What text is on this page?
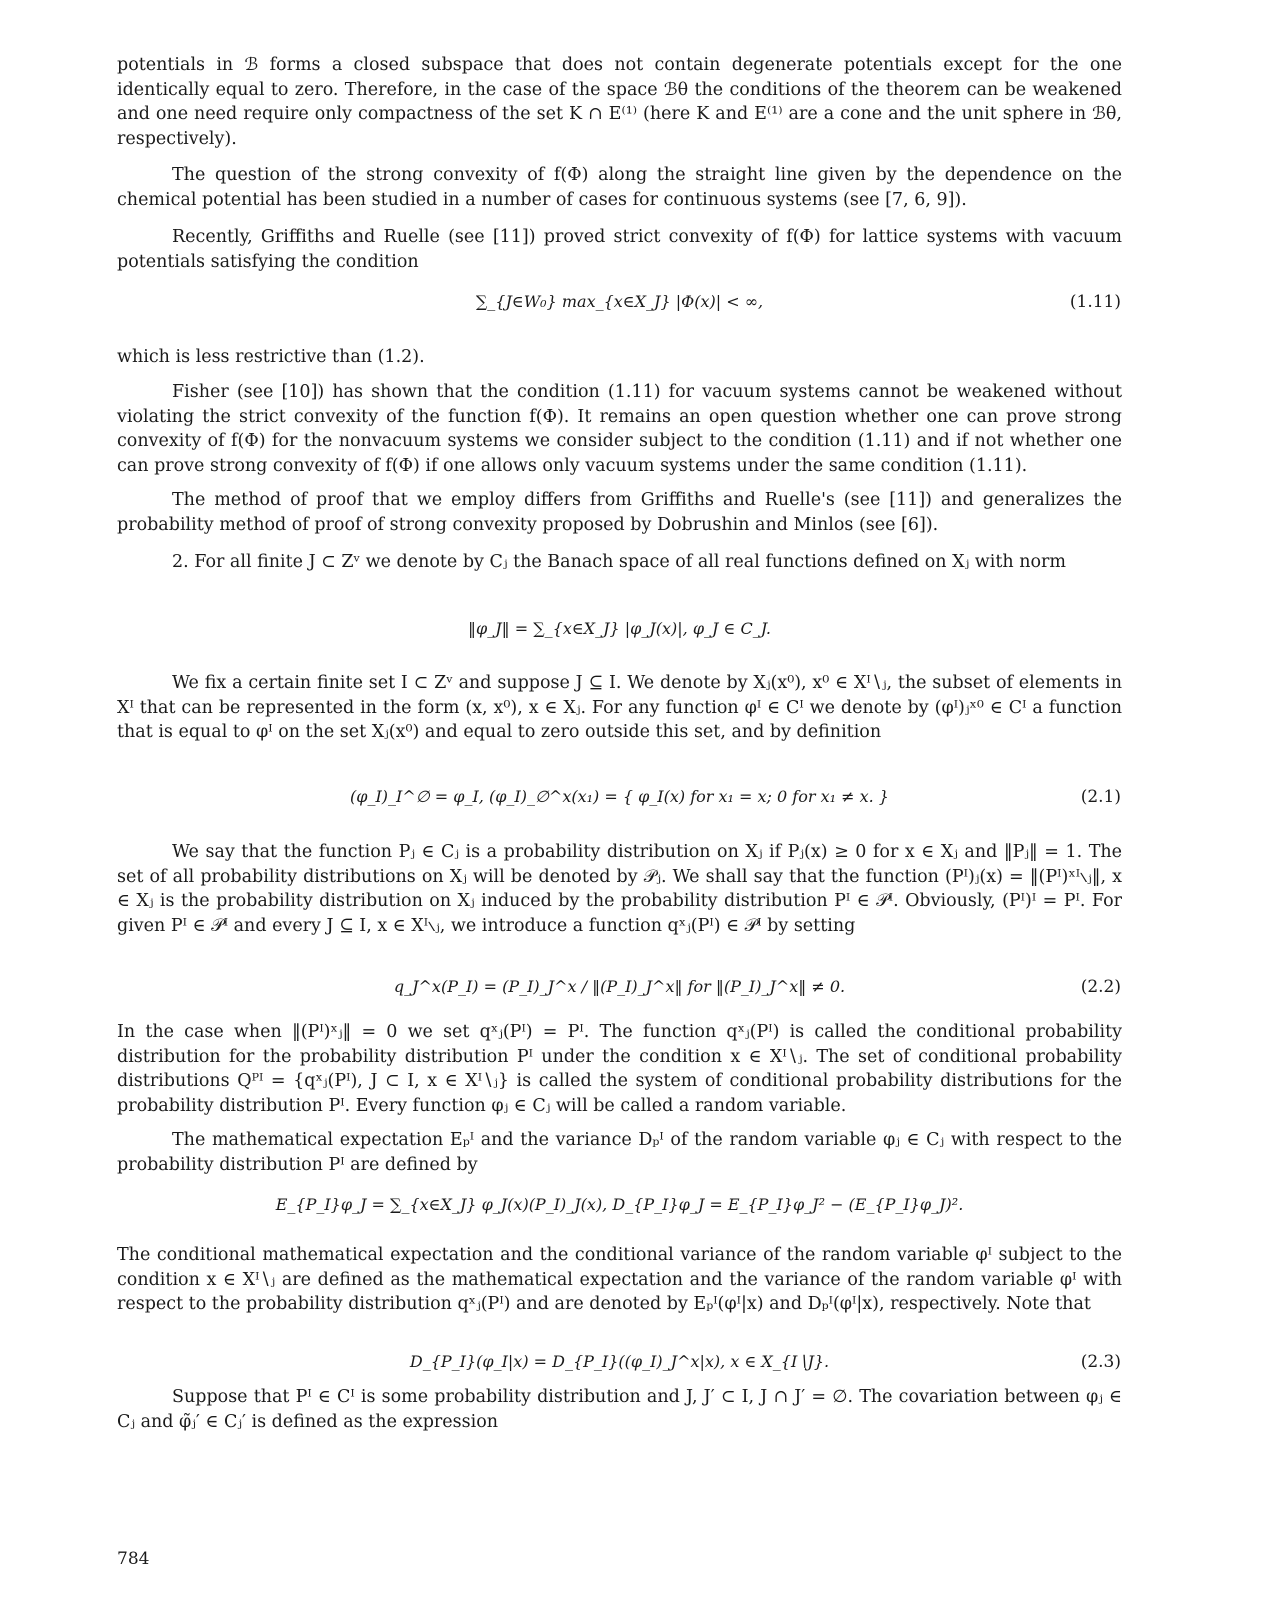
potentials in ℬ forms a closed subspace that does not contain degenerate potentials except for the one identically equal to zero. Therefore, in the case of the space ℬθ the conditions of the theorem can be weakened and one need require only compactness of the set K ∩ E⁽¹⁾ (here K and E⁽¹⁾ are a cone and the unit sphere in ℬθ, respectively).

The question of the strong convexity of f(Φ) along the straight line given by the dependence on the chemical potential has been studied in a number of cases for continuous systems (see [7, 6, 9]).

Recently, Griffiths and Ruelle (see [11]) proved strict convexity of f(Φ) for lattice systems with vacuum potentials satisfying the condition

∑_{J∈W₀} max_{x∈X_J} |Φ(x)| < ∞,	(1.11)

which is less restrictive than (1.2).

Fisher (see [10]) has shown that the condition (1.11) for vacuum systems cannot be weakened without violating the strict convexity of the function f(Φ). It remains an open question whether one can prove strong convexity of f(Φ) for the nonvacuum systems we consider subject to the condition (1.11) and if not whether one can prove strong convexity of f(Φ) if one allows only vacuum systems under the same condition (1.11).

The method of proof that we employ differs from Griffiths and Ruelle's (see [11]) and generalizes the probability method of proof of strong convexity proposed by Dobrushin and Minlos (see [6]).

2. For all finite J ⊂ Zᵛ we denote by Cⱼ the Banach space of all real functions defined on Xⱼ with norm

‖φ_J‖ = ∑_{x∈X_J} |φ_J(x)|, φ_J ∈ C_J.

We fix a certain finite set I ⊂ Zᵛ and suppose J ⊆ I. We denote by Xⱼ(x⁰), x⁰ ∈ Xᴵ∖ⱼ, the subset of elements in Xᴵ that can be represented in the form (x, x⁰), x ∈ Xⱼ. For any function φᴵ ∈ Cᴵ we denote by (φᴵ)ⱼˣ⁰ ∈ Cᴵ a function that is equal to φᴵ on the set Xⱼ(x⁰) and equal to zero outside this set, and by definition

(φ_I)_I^∅ = φ_I, (φ_I)_∅^x(x₁) = { φ_I(x) for x₁ = x; 0 for x₁ ≠ x. }	(2.1)

We say that the function Pⱼ ∈ Cⱼ is a probability distribution on Xⱼ if Pⱼ(x) ≥ 0 for x ∈ Xⱼ and ‖Pⱼ‖ = 1. The set of all probability distributions on Xⱼ will be denoted by 𝒫ⱼ. We shall say that the function (Pᴵ)ⱼ(x) = ‖(Pᴵ)ˣᴵ∖ⱼ‖, x ∈ Xⱼ is the probability distribution on Xⱼ induced by the probability distribution Pᴵ ∈ 𝒫ᴵ. Obviously, (Pᴵ)ᴵ = Pᴵ. For given Pᴵ ∈ 𝒫ᴵ and every J ⊆ I, x ∈ Xᴵ∖ⱼ, we introduce a function qˣⱼ(Pᴵ) ∈ 𝒫ᴵ by setting

q_J^x(P_I) = (P_I)_J^x / ‖(P_I)_J^x‖ for ‖(P_I)_J^x‖ ≠ 0.	(2.2)

In the case when ‖(Pᴵ)ˣⱼ‖ = 0 we set qˣⱼ(Pᴵ) = Pᴵ. The function qˣⱼ(Pᴵ) is called the conditional probability distribution for the probability distribution Pᴵ under the condition x ∈ Xᴵ∖ⱼ. The set of conditional probability distributions Qᴾᴵ = {qˣⱼ(Pᴵ), J ⊂ I, x ∈ Xᴵ∖ⱼ} is called the system of conditional probability distributions for the probability distribution Pᴵ. Every function φⱼ ∈ Cⱼ will be called a random variable.

The mathematical expectation Eₚᴵ and the variance Dₚᴵ of the random variable φⱼ ∈ Cⱼ with respect to the probability distribution Pᴵ are defined by

E_{P_I}φ_J = ∑_{x∈X_J} φ_J(x)(P_I)_J(x), D_{P_I}φ_J = E_{P_I}φ_J² − (E_{P_I}φ_J)².

The conditional mathematical expectation and the conditional variance of the random variable φᴵ subject to the condition x ∈ Xᴵ∖ⱼ are defined as the mathematical expectation and the variance of the random variable φᴵ with respect to the probability distribution qˣⱼ(Pᴵ) and are denoted by Eₚᴵ(φᴵ|x) and Dₚᴵ(φᴵ|x), respectively. Note that

D_{P_I}(φ_I|x) = D_{P_I}((φ_I)_J^x|x), x ∈ X_{I∖J}.	(2.3)

Suppose that Pᴵ ∈ Cᴵ is some probability distribution and J, J′ ⊂ I, J ∩ J′ = ∅. The covariation between φⱼ ∈ Cⱼ and φ̃ⱼ′ ∈ Cⱼ′ is defined as the expression

784
